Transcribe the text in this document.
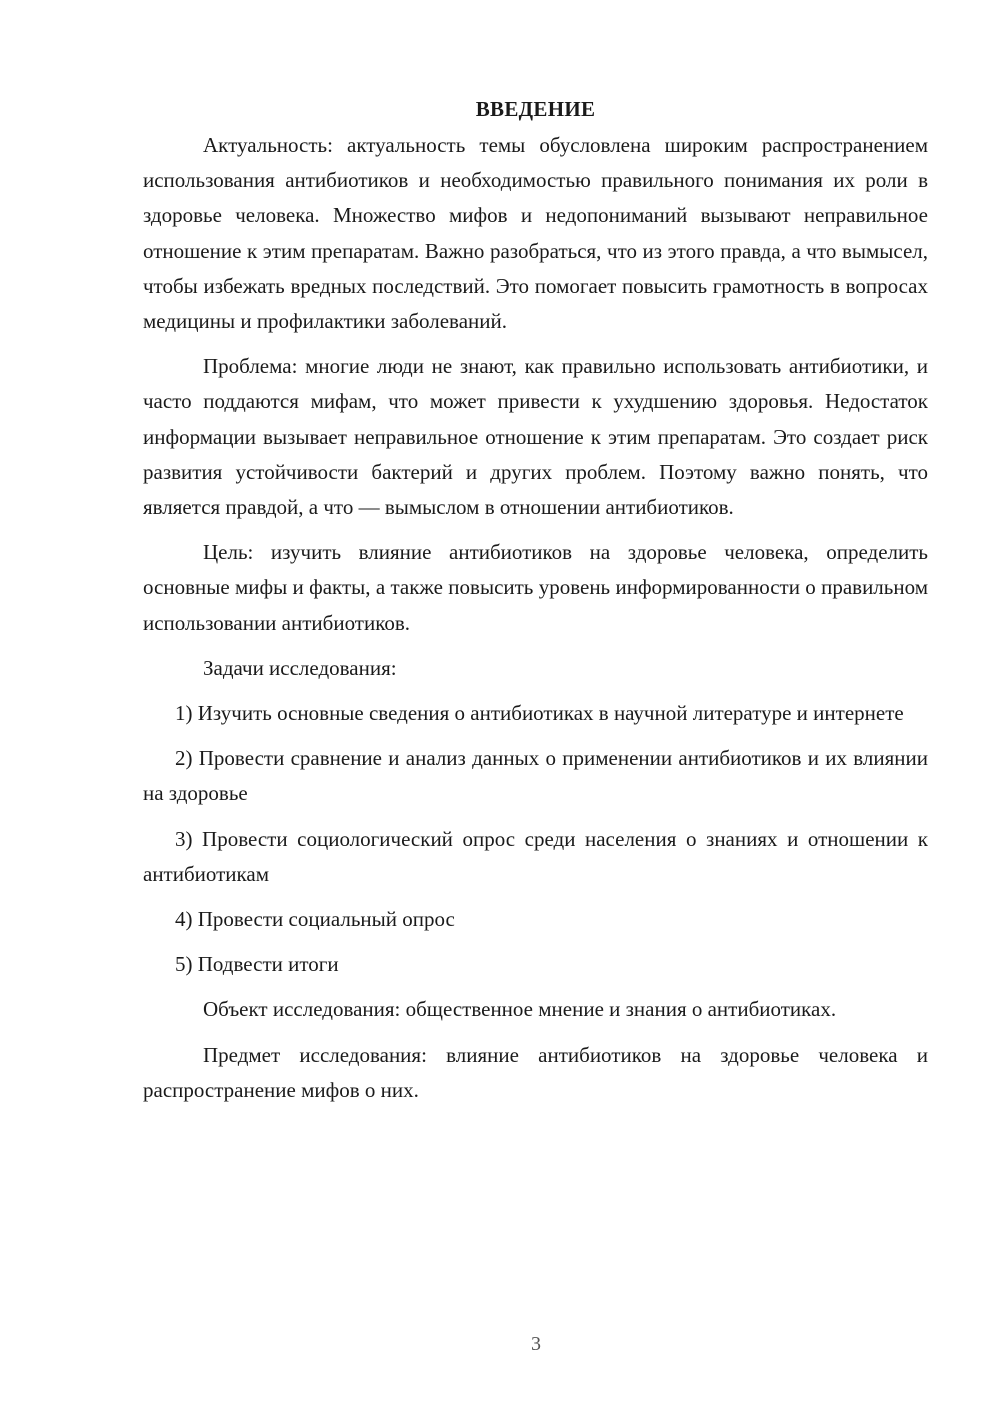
ВВЕДЕНИЕ

Актуальность: актуальность темы обусловлена широким распространением использования антибиотиков и необходимостью правильного понимания их роли в здоровье человека. Множество мифов и недопониманий вызывают неправильное отношение к этим препаратам. Важно разобраться, что из этого правда, а что вымысел, чтобы избежать вредных последствий. Это помогает повысить грамотность в вопросах медицины и профилактики заболеваний.

Проблема: многие люди не знают, как правильно использовать антибиотики, и часто поддаются мифам, что может привести к ухудшению здоровья. Недостаток информации вызывает неправильное отношение к этим препаратам. Это создает риск развития устойчивости бактерий и других проблем. Поэтому важно понять, что является правдой, а что — вымыслом в отношении антибиотиков.

Цель: изучить влияние антибиотиков на здоровье человека, определить основные мифы и факты, а также повысить уровень информированности о правильном использовании антибиотиков.

Задачи исследования:

1) Изучить основные сведения о антибиотиках в научной литературе и интернете

2) Провести сравнение и анализ данных о применении антибиотиков и их влиянии на здоровье

3) Провести социологический опрос среди населения о знаниях и отношении к антибиотикам

4) Провести социальный опрос

5) Подвести итоги

Объект исследования: общественное мнение и знания о антибиотиках.

Предмет исследования: влияние антибиотиков на здоровье человека и распространение мифов о них.

3
